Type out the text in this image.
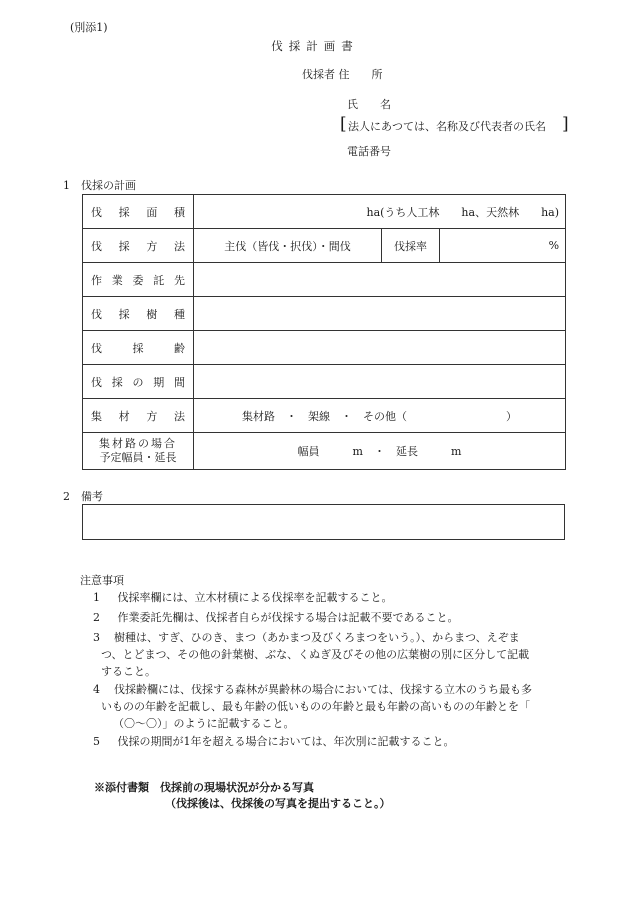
(別添1)
伐採計画書
伐採者 住　　所
氏　　名
[ 法人にあつては、名称及び代表者の氏名 ]
電話番号
1　伐採の計画
伐 採 面 積	ha(うち人工林　　ha、天然林　　ha)		

伐 採 方 法	主伐（皆伐・択伐）・間伐	伐採率	%

作 業 委 託 先			

伐 採 樹 種			

伐 採 齢			

伐 採 の 期 間			

集 材 方 法	集材路　・　架線　・　その他（　　　　　　　　　）		

集材路の場合
予定幅員・延長	幅員　　　m　・　延長　　　m		
2　備考
注意事項
1 伐採率欄には、立木材積による伐採率を記載すること。
2 作業委託先欄は、伐採者自らが伐採する場合は記載不要であること。
3 樹種は、すぎ、ひのき、まつ（あかまつ及びくろまつをいう。）、からまつ、えぞま
つ、とどまつ、その他の針葉樹、ぶな、くぬぎ及びその他の広葉樹の別に区分して記載
すること。
4 伐採齢欄には、伐採する森林が異齢林の場合においては、伐採する立木のうち最も多
いものの年齢を記載し、最も年齢の低いものの年齢と最も年齢の高いものの年齢とを「
（〇〜〇）」のように記載すること。
5 伐採の期間が1年を超える場合においては、年次別に記載すること。
※添付書類　伐採前の現場状況が分かる写真
（伐採後は、伐採後の写真を提出すること。）
